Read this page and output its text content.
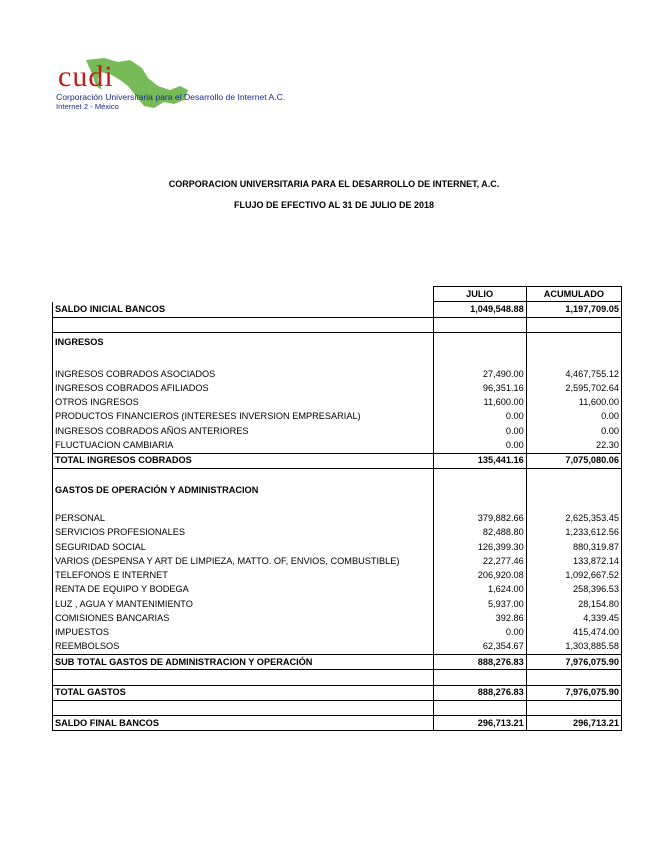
cudi
Corporación Universitaria para el Desarrollo de Internet A.C.
Internet 2 - México
CORPORACION UNIVERSITARIA PARA EL DESARROLLO DE INTERNET, A.C.
FLUJO DE EFECTIVO AL 31 DE JULIO DE 2018
	JULIO	ACUMULADO
SALDO INICIAL BANCOS	1,049,548.88	1,197,709.05

INGRESOS		

INGRESOS COBRADOS ASOCIADOS	27,490.00	4,467,755.12
INGRESOS COBRADOS AFILIADOS	96,351.16	2,595,702.64
OTROS INGRESOS	11,600.00	11,600.00
PRODUCTOS FINANCIEROS (INTERESES INVERSION EMPRESARIAL)	0.00	0.00
INGRESOS COBRADOS AÑOS ANTERIORES	0.00	0.00
FLUCTUACION CAMBIARIA	0.00	22.30
TOTAL INGRESOS COBRADOS	135,441.16	7,075,080.06

GASTOS DE OPERACIÓN Y ADMINISTRACION		

PERSONAL	379,882.66	2,625,353.45
SERVICIOS PROFESIONALES	82,488.80	1,233,612.56
SEGURIDAD SOCIAL	126,399.30	880,319.87
VARIOS (DESPENSA Y ART DE LIMPIEZA, MATTO. OF, ENVIOS, COMBUSTIBLE)	22,277.46	133,872.14
TELEFONOS E INTERNET	206,920.08	1,092,667.52
RENTA DE EQUIPO Y BODEGA	1,624.00	258,396.53
LUZ , AGUA Y MANTENIMIENTO	5,937.00	28,154.80
COMISIONES BANCARIAS	392.86	4,339.45
IMPUESTOS	0.00	415,474.00
REEMBOLSOS	62,354.67	1,303,885.58
SUB TOTAL GASTOS DE ADMINISTRACION Y OPERACIÓN	888,276.83	7,976,075.90

TOTAL GASTOS	888,276.83	7,976,075.90

SALDO FINAL BANCOS	296,713.21	296,713.21
